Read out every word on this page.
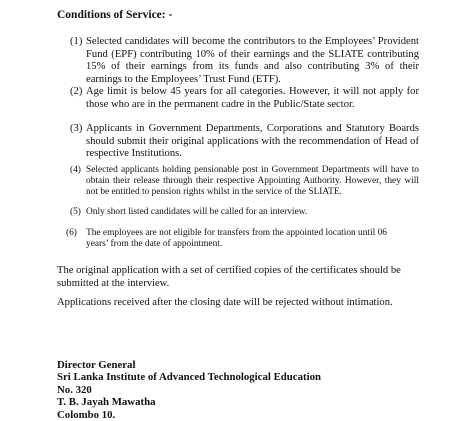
Conditions of Service: -
(1) Selected candidates will become the contributors to the Employees’ Provident Fund (EPF) contributing 10% of their earnings and the SLIATE contributing 15% of their earnings from its funds and also contributing 3% of their earnings to the Employees’ Trust Fund (ETF).
(2) Age limit is below 45 years for all categories. However, it will not apply for those who are in the permanent cadre in the Public/State sector.
(3) Applicants in Government Departments, Corporations and Statutory Boards should submit their original applications with the recommendation of Head of respective Institutions.
(4) Selected applicants holding pensionable post in Government Departments will have to obtain their release through their respective Appointing Authority. However, they will not be entitled to pension rights whilst in the service of the SLIATE.
(5) Only short listed candidates will be called for an interview.
(6) The employees are not eligible for transfers from the appointed location until 06 years’ from the date of appointment.
The original application with a set of certified copies of the certificates should be submitted at the interview.
Applications received after the closing date will be rejected without intimation.
Director General
Sri Lanka Institute of Advanced Technological Education
No. 320
T. B. Jayah Mawatha
Colombo 10.
